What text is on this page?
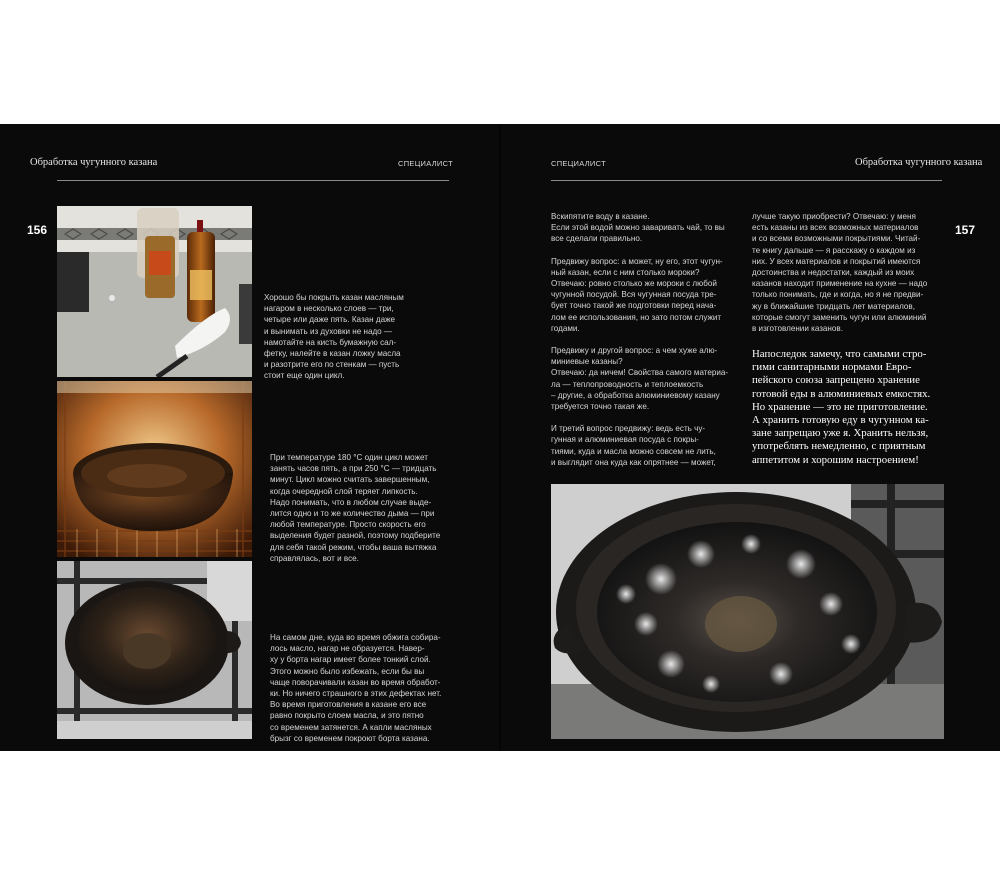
Обработка чугунного казана	СПЕЦИАЛИСТ
156
Хорошо бы покрыть казан масляным
нагаром в несколько слоев — три,
четыре или даже пять. Казан даже
и вынимать из духовки не надо —
намотайте на кисть бумажную сал-
фетку, налейте в казан ложку масла
и разотрите его по стенкам — пусть
стоит еще один цикл.
При температуре 180 °С один цикл может
занять часов пять, а при 250 °С — тридцать
минут. Цикл можно считать завершенным,
когда очередной слой теряет липкость.
Надо понимать, что в любом случае выде-
лится одно и то же количество дыма — при
любой температуре. Просто скорость его
выделения будет разной, поэтому подберите
для себя такой режим, чтобы ваша вытяжка
справлялась, вот и все.
На самом дне, куда во время обжига собира-
лось масло, нагар не образуется. Навер-
ху у борта нагар имеет более тонкий слой.
Этого можно было избежать, если бы вы
чаще поворачивали казан во время обработ-
ки. Но ничего страшного в этих дефектах нет.
Во время приготовления в казане его все
равно покрыто слоем масла, и это пятно
со временем затянется. А капли масляных
брызг со временем покроют борта казана.
СПЕЦИАЛИСТ	Обработка чугунного казана
157

Вскипятите воду в казане.
Если этой водой можно заваривать чай, то вы
все сделали правильно.

Предвижу вопрос: а может, ну его, этот чугун-
ный казан, если с ним столько мороки?
Отвечаю: ровно столько же мороки с любой
чугунной посудой. Вся чугунная посуда тре-
бует точно такой же подготовки перед нача-
лом ее использования, но зато потом служит
годами.

Предвижу и другой вопрос: а чем хуже алю-
миниевые казаны?
Отвечаю: да ничем! Свойства самого материа-
ла — теплопроводность и теплоемкость
– другие, а обработка алюминиевому казану
требуется точно такая же.

И третий вопрос предвижу: ведь есть чу-
гунная и алюминиевая посуда с покры-
тиями, куда и масла можно совсем не лить,
и выглядит она куда как опрятнее — может,

лучше такую приобрести? Отвечаю: у меня
есть казаны из всех возможных материалов
и со всеми возможными покрытиями. Читай-
те книгу дальше — я расскажу о каждом из
них. У всех материалов и покрытий имеются
достоинства и недостатки, каждый из моих
казанов находит применение на кухне — надо
только понимать, где и когда, но я не предви-
жу в ближайшие тридцать лет материалов,
которые смогут заменить чугун или алюминий
в изготовлении казанов.
Напоследок замечу, что самыми стро-
гими санитарными нормами Евро-
пейского союза запрещено хранение
готовой еды в алюминиевых емкостях.
Но хранение — это не приготовление.
А хранить готовую еду в чугунном ка-
зане запрещаю уже я. Хранить нельзя,
употреблять немедленно, с приятным
аппетитом и хорошим настроением!
